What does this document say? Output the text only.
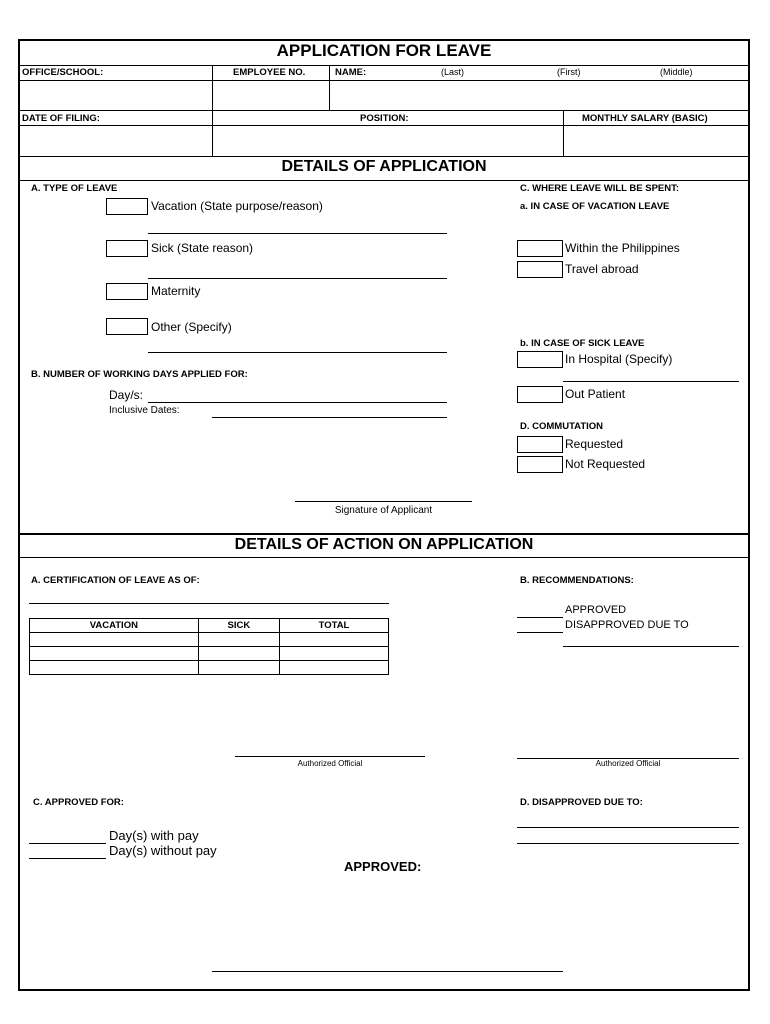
APPLICATION FOR LEAVE
OFFICE/SCHOOL:	EMPLOYEE NO.	NAME:	(Last)	(First)	(Middle)
DATE OF FILING:	POSITION:	MONTHLY SALARY (BASIC)
DETAILS OF APPLICATION
A. TYPE OF LEAVE
Vacation (State purpose/reason)
Sick (State reason)
Maternity
Other (Specify)
B. NUMBER OF WORKING DAYS APPLIED FOR:
Day/s:
Inclusive Dates:
C. WHERE LEAVE WILL BE SPENT:
a. IN CASE OF VACATION LEAVE
Within the Philippines
Travel abroad
b. IN CASE OF SICK LEAVE
In Hospital (Specify)
Out Patient
D. COMMUTATION
Requested
Not Requested
Signature of Applicant
DETAILS OF ACTION ON APPLICATION
A. CERTIFICATION OF LEAVE AS OF:
VACATION	SICK	TOTAL

B. RECOMMENDATIONS:
APPROVED
DISAPPROVED DUE TO
Authorized Official	Authorized Official
C. APPROVED FOR:
Day(s) with pay
Day(s) without pay
D. DISAPPROVED DUE TO:
APPROVED:
